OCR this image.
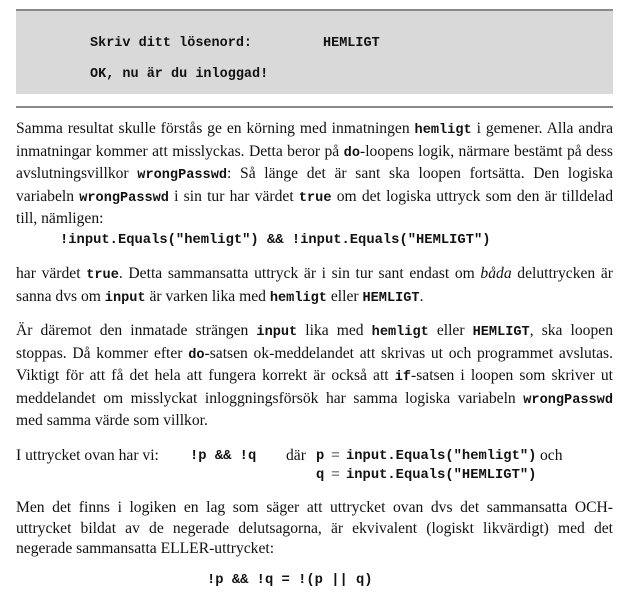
Skriv ditt lösenord:	HEMLIGT
OK, nu är du inloggad!
Samma resultat skulle förstås ge en körning med inmatningen hemligt i gemener. Alla andra inmatningar kommer att misslyckas. Detta beror på do-loopens logik, närmare bestämt på dess avslutningsvillkor wrongPasswd: Så länge det är sant ska loopen fortsätta. Den logiska variabeln wrongPasswd i sin tur har värdet true om det logiska uttryck som den är tilldelad till, nämligen:
!input.Equals("hemligt") && !input.Equals("HEMLIGT")
har värdet true. Detta sammansatta uttryck är i sin tur sant endast om båda deluttrycken är sanna dvs om input är varken lika med hemligt eller HEMLIGT.
Är däremot den inmatade strängen input lika med hemligt eller HEMLIGT, ska loopen stoppas. Då kommer efter do-satsen ok-meddelandet att skrivas ut och programmet avslutas. Viktigt för att få det hela att fungera korrekt är också att if-satsen i loopen som skriver ut meddelandet om misslyckat inloggningsförsök har samma logiska variabeln wrongPasswd med samma värde som villkor.
I uttrycket ovan har vi: !p && !q där p = input.Equals("hemligt") och
q = input.Equals("HEMLIGT")
Men det finns i logiken en lag som säger att uttrycket ovan dvs det sammansatta OCH-uttrycket bildat av de negerade delutsagorna, är ekvivalent (logiskt likvärdigt) med det negerade sammansatta ELLER-uttrycket:
!p && !q = !(p || q)
